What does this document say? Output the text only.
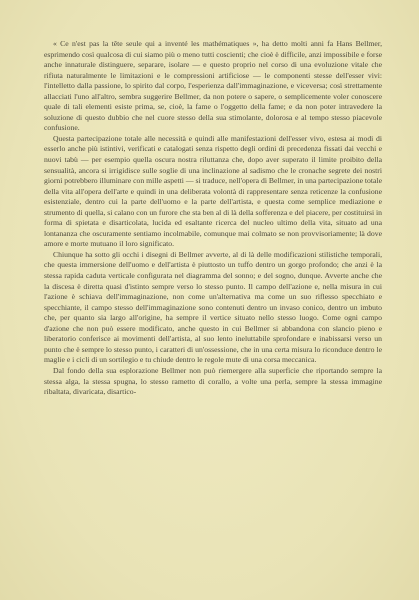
« Ce n'est pas la tête seule qui a inventé les mathématiques », ha detto molti anni fa Hans Bellmer, esprimendo così qualcosa di cui siamo più o meno tutti coscienti; che cioè è difficile, anzi impossibile e forse anche innaturale distinguere, separare, isolare — e questo proprio nel corso di una evoluzione vitale che rifiuta naturalmente le limitazioni e le compressioni artificiose — le componenti stesse dell'esser vivi: l'intelletto dalla passione, lo spirito dal corpo, l'esperienza dall'immaginazione, e viceversa; così strettamente allacciati l'uno all'altro, sembra suggerire Bellmer, da non potere o sapere, o semplicemente voler conoscere quale di tali elementi esiste prima, se, cioè, la fame o l'oggetto della fame; e da non poter intravedere la soluzione di questo dubbio che nel cuore stesso della sua stimolante, dolorosa e al tempo stesso piacevole confusione.

Questa partecipazione totale alle necessità e quindi alle manifestazioni dell'esser vivo, estesa ai modi di esserlo anche più istintivi, verificati e catalogati senza rispetto degli ordini di precedenza fissati dai vecchi e nuovi tabù — per esempio quella oscura nostra riluttanza che, dopo aver superato il limite proibito della sensualità, ancora si irrigidisce sulle soglie di una inclinazione al sadismo che le cronache segrete dei nostri giorni potrebbero illuminare con mille aspetti — si traduce, nell'opera di Bellmer, in una partecipazione totale della vita all'opera dell'arte e quindi in una deliberata volontà di rappresentare senza reticenze la confusione esistenziale, dentro cui la parte dell'uomo e la parte dell'artista, e questa come semplice mediazione e strumento di quella, si calano con un furore che sta ben al di là della sofferenza e del piacere, per costituirsi in forma di spietata e disarticolata, lucida ed esaltante ricerca del nucleo ultimo della vita, situato ad una lontananza che oscuramente sentiamo incolmabile, comunque mai colmato se non provvisoriamente; là dove amore e morte mutuano il loro significato.

Chiunque ha sotto gli occhi i disegni di Bellmer avverte, al di là delle modificazioni stilistiche temporali, che questa immersione dell'uomo e dell'artista è piuttosto un tuffo dentro un gorgo profondo; che anzi è la stessa rapida caduta verticale configurata nel diagramma del sonno; e del sogno, dunque. Avverte anche che la discesa è diretta quasi d'istinto sempre verso lo stesso punto. Il campo dell'azione e, nella misura in cui l'azione è schiava dell'immaginazione, non come un'alternativa ma come un suo riflesso specchiato e specchiante, il campo stesso dell'immaginazione sono contenuti dentro un invaso conico, dentro un imbuto che, per quanto sia largo all'origine, ha sempre il vertice situato nello stesso luogo. Come ogni campo d'azione che non può essere modificato, anche questo in cui Bellmer si abbandona con slancio pieno e liberatorio conferisce ai movimenti dell'artista, al suo lento ineluttabile sprofondare e inabissarsi verso un punto che è sempre lo stesso punto, i caratteri di un'ossessione, che in una certa misura lo riconduce dentro le maglie e i cicli di un sortilegio e tu chiude dentro le regole mute di una corsa meccanica.

Dal fondo della sua esplorazione Bellmer non può riemergere alla superficie che riportando sempre la stessa alga, la stessa spugna, lo stesso rametto di corallo, a volte una perla, sempre la stessa immagine ribaltata, divaricata, disartico-
